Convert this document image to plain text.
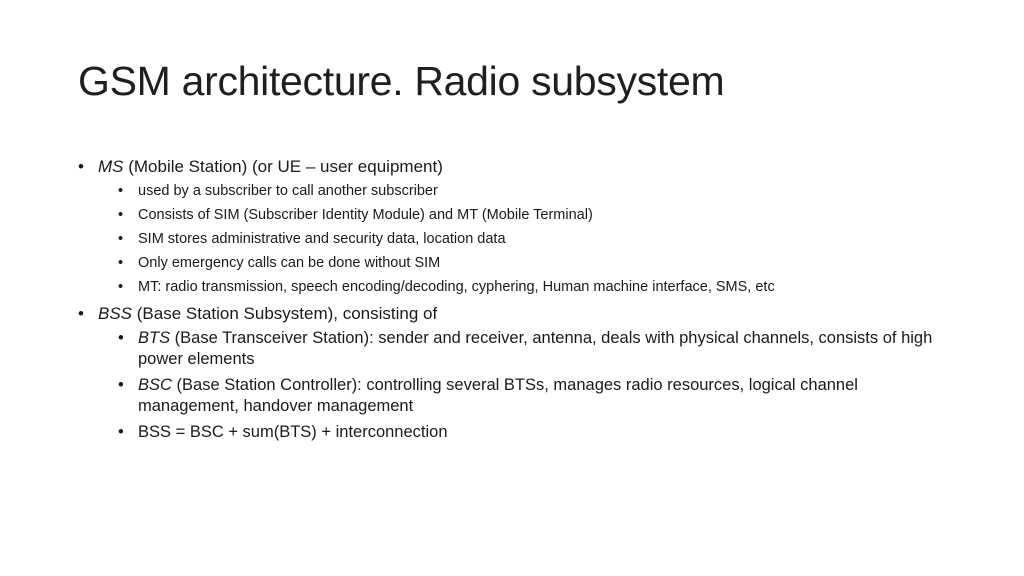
GSM architecture. Radio subsystem
• MS (Mobile Station) (or UE – user equipment)
• used by a subscriber to call another subscriber
• Consists of SIM (Subscriber Identity Module) and MT (Mobile Terminal)
• SIM stores administrative and security data, location data
• Only emergency calls can be done without SIM
• MT: radio transmission, speech encoding/decoding, cyphering, Human machine interface, SMS, etc
• BSS (Base Station Subsystem), consisting of
• BTS (Base Transceiver Station): sender and receiver, antenna, deals with physical channels, consists of high power elements
• BSC (Base Station Controller): controlling several BTSs, manages radio resources, logical channel management, handover management
• BSS = BSC + sum(BTS) + interconnection
